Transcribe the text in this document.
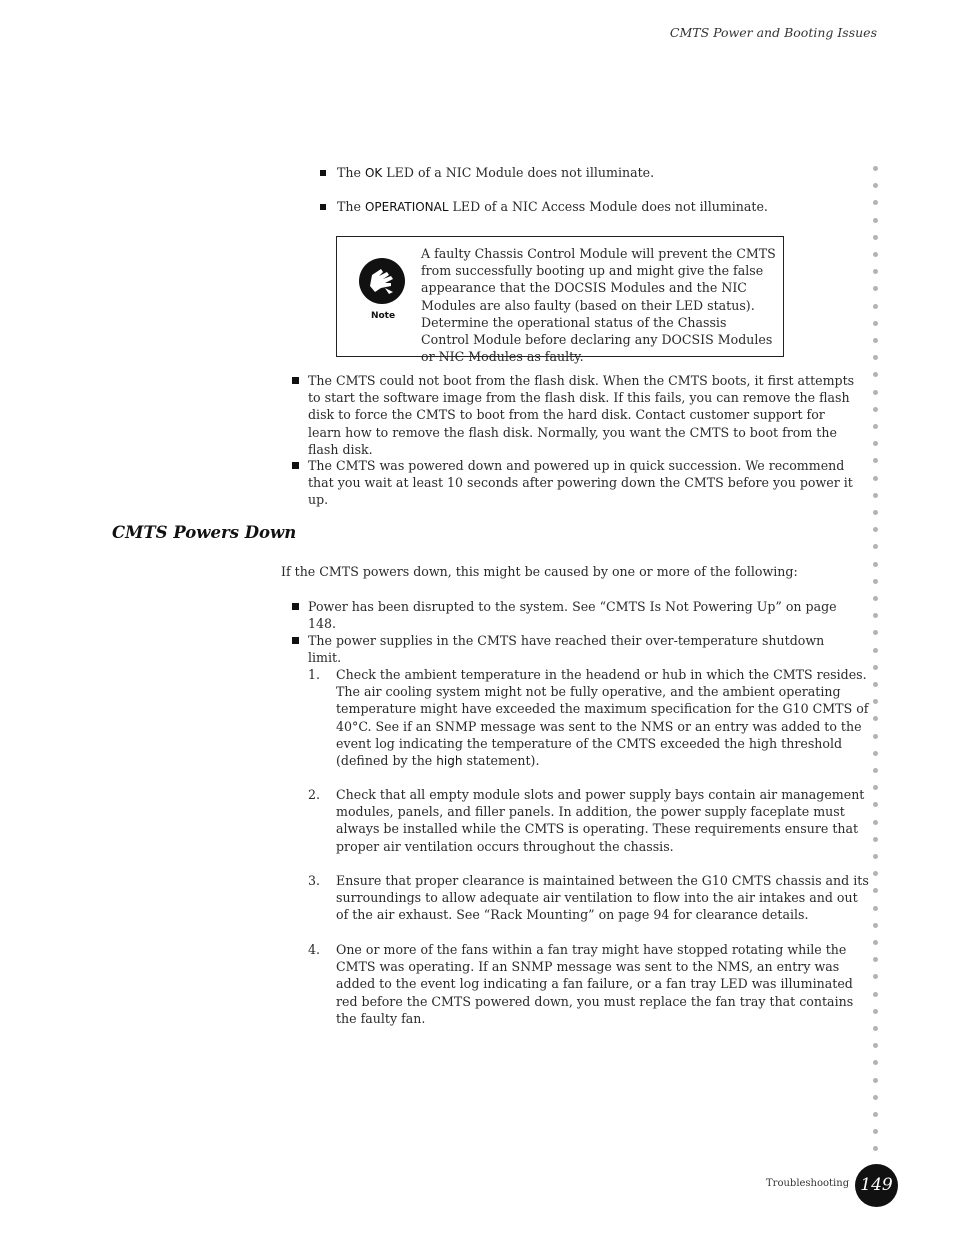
CMTS Power and Booting Issues
The OK LED of a NIC Module does not illuminate.
The OPERATIONAL LED of a NIC Access Module does not illuminate.
Note
A faulty Chassis Control Module will prevent the CMTS from successfully booting up and might give the false appearance that the DOCSIS Modules and the NIC Modules are also faulty (based on their LED status). Determine the operational status of the Chassis Control Module before declaring any DOCSIS Modules or NIC Modules as faulty.
The CMTS could not boot from the flash disk. When the CMTS boots, it first attempts to start the software image from the flash disk. If this fails, you can remove the flash disk to force the CMTS to boot from the hard disk. Contact customer support for learn how to remove the flash disk. Normally, you want the CMTS to boot from the flash disk.
The CMTS was powered down and powered up in quick succession. We recommend that you wait at least 10 seconds after powering down the CMTS before you power it up.
CMTS Powers Down
If the CMTS powers down, this might be caused by one or more of the following:
Power has been disrupted to the system. See “CMTS Is Not Powering Up” on page 148.
The power supplies in the CMTS have reached their over-temperature shutdown limit.
1. Check the ambient temperature in the headend or hub in which the CMTS resides. The air cooling system might not be fully operative, and the ambient operating temperature might have exceeded the maximum specification for the G10 CMTS of 40°C. See if an SNMP message was sent to the NMS or an entry was added to the event log indicating the temperature of the CMTS exceeded the high threshold (defined by the high statement).
2. Check that all empty module slots and power supply bays contain air management modules, panels, and filler panels. In addition, the power supply faceplate must always be installed while the CMTS is operating. These requirements ensure that proper air ventilation occurs throughout the chassis.
3. Ensure that proper clearance is maintained between the G10 CMTS chassis and its surroundings to allow adequate air ventilation to flow into the air intakes and out of the air exhaust. See “Rack Mounting” on page 94 for clearance details.
4. One or more of the fans within a fan tray might have stopped rotating while the CMTS was operating. If an SNMP message was sent to the NMS, an entry was added to the event log indicating a fan failure, or a fan tray LED was illuminated red before the CMTS powered down, you must replace the fan tray that contains the faulty fan.
Troubleshooting 149
